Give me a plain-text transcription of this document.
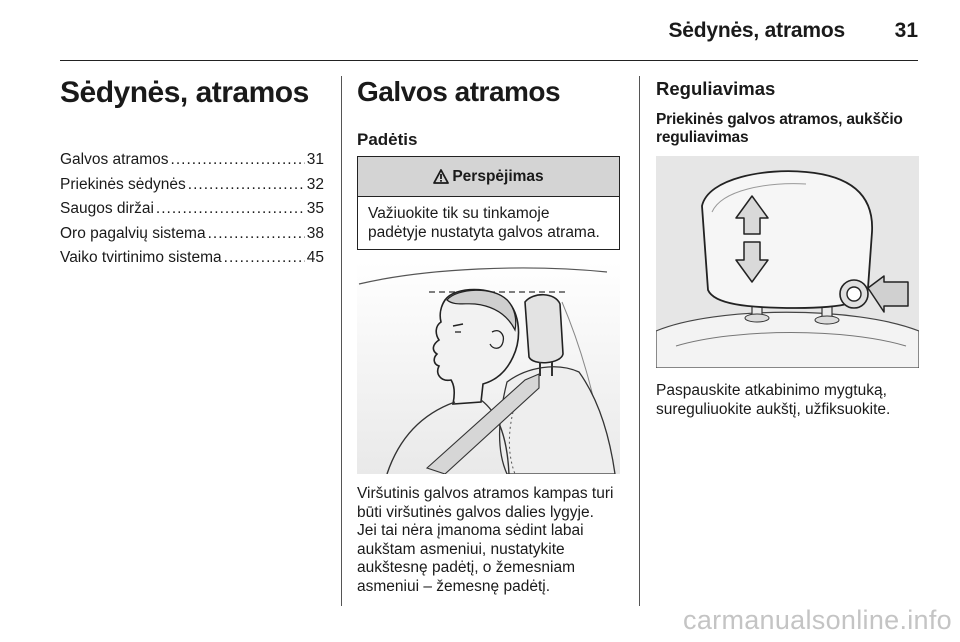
Sėdynės, atramos 31
Sėdynės, atramos
Galvos atramos .....	31
Priekinės sėdynės .....	32
Saugos diržai .....	35
Oro pagalvių sistema .....	38
Vaiko tvirtinimo sistema .....	45
Galvos atramos
Padėtis
Perspėjimas
Važiuokite tik su tinkamoje padėtyje nustatyta galvos atrama.
Viršutinis galvos atramos kampas turi
būti viršutinės galvos dalies lygyje.
Jei tai nėra įmanoma sėdint labai
aukštam asmeniui, nustatykite
aukštesnę padėtį, o žemesniam
asmeniui – žemesnę padėtį.
Reguliavimas
Priekinės galvos atramos, aukščio
reguliavimas
Paspauskite atkabinimo mygtuką,
sureguliuokite aukštį, užfiksuokite.
carmanualsonline.info
